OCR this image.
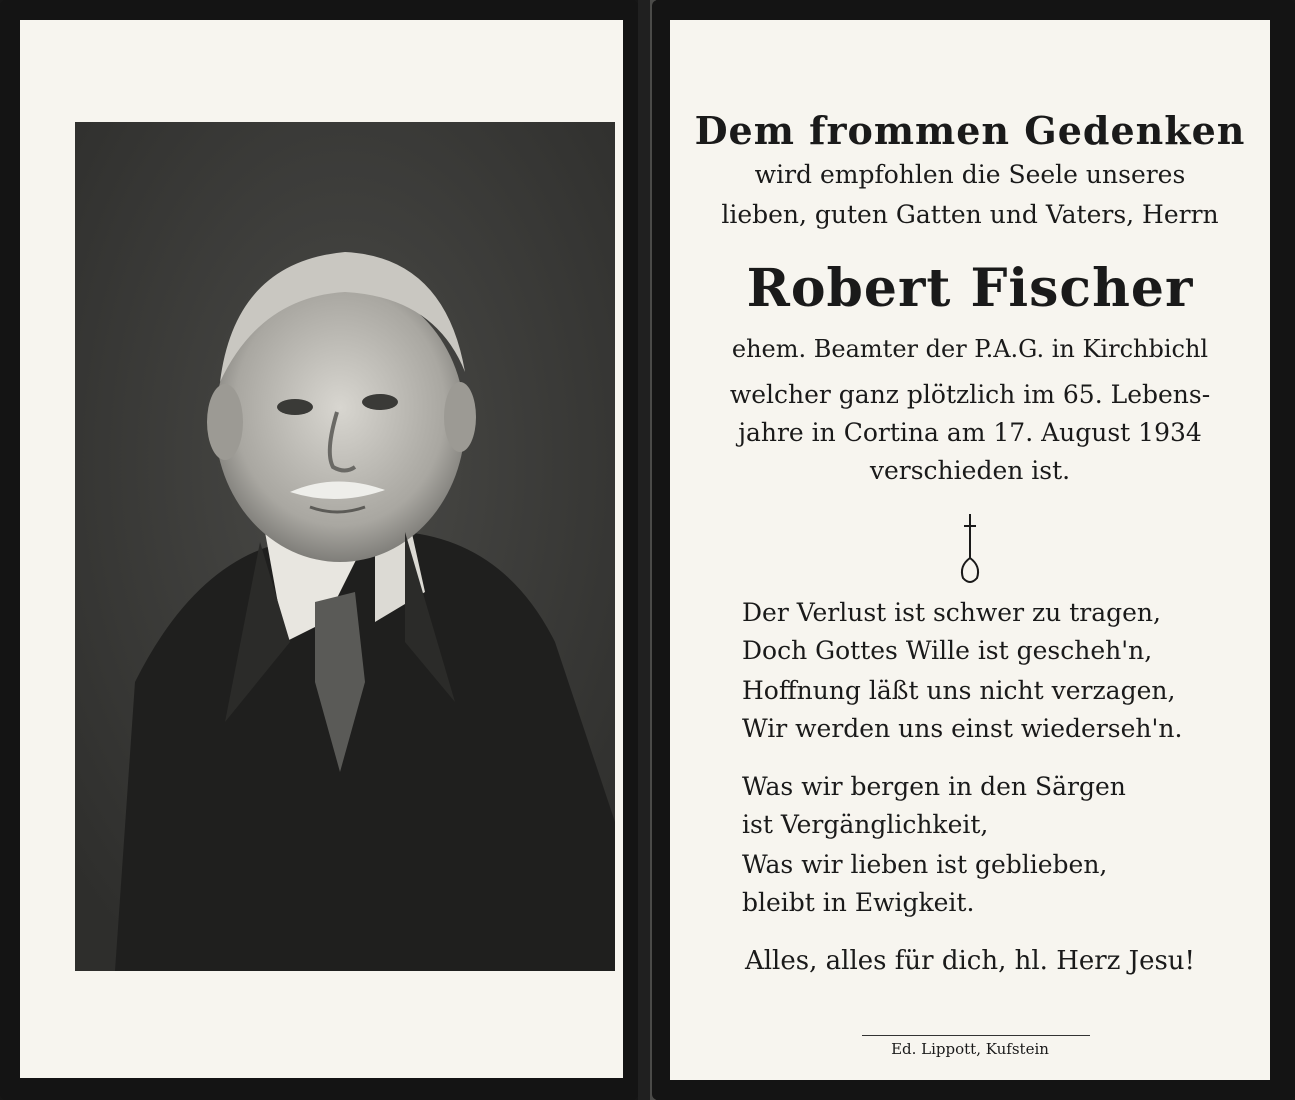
Dem frommen Gedenken
wird empfohlen die Seele unseres
lieben, guten Gatten und Vaters, Herrn
Robert Fischer
ehem. Beamter der P.A.G. in Kirchbichl
welcher ganz plötzlich im 65. Lebens-
jahre in Cortina am 17. August 1934
verschieden ist.
Der Verlust ist schwer zu tragen,
Doch Gottes Wille ist gescheh'n,
Hoffnung läßt uns nicht verzagen,
Wir werden uns einst wiederseh'n.
Was wir bergen in den Särgen
ist Vergänglichkeit,
Was wir lieben ist geblieben,
bleibt in Ewigkeit.
Alles, alles für dich, hl. Herz Jesu!
Ed. Lippott, Kufstein
